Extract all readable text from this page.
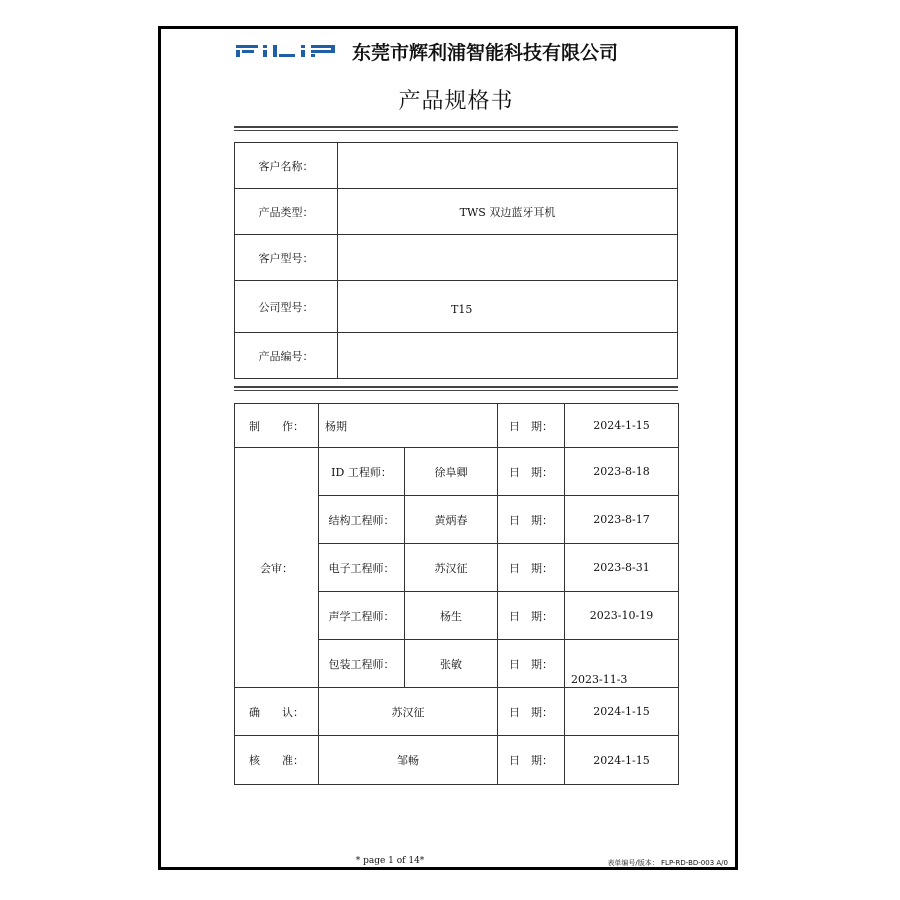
东莞市辉利浦智能科技有限公司
产品规格书
客户名称：	
产品类型：	TWS 双边蓝牙耳机
客户型号：	
公司型号：	T15
产品编号：	
制　　作：	杨期		日　期：	2024-1-15
会审：	ID 工程师：	徐阜卿	日　期：	2023-8-18
	结构工程师：	黄炳春	日　期：	2023-8-17
	电子工程师：	苏汉征	日　期：	2023-8-31
	声学工程师：	杨生	日　期：	2023-10-19
	包装工程师：	张敏	日　期：	2023-11-3
确　　认：	苏汉征		日　期：	2024-1-15
核　　准：	邹畅		日　期：	2024-1-15
* page 1 of 14*	表单编号/版本： FLP-RD-BD-003 A/0
